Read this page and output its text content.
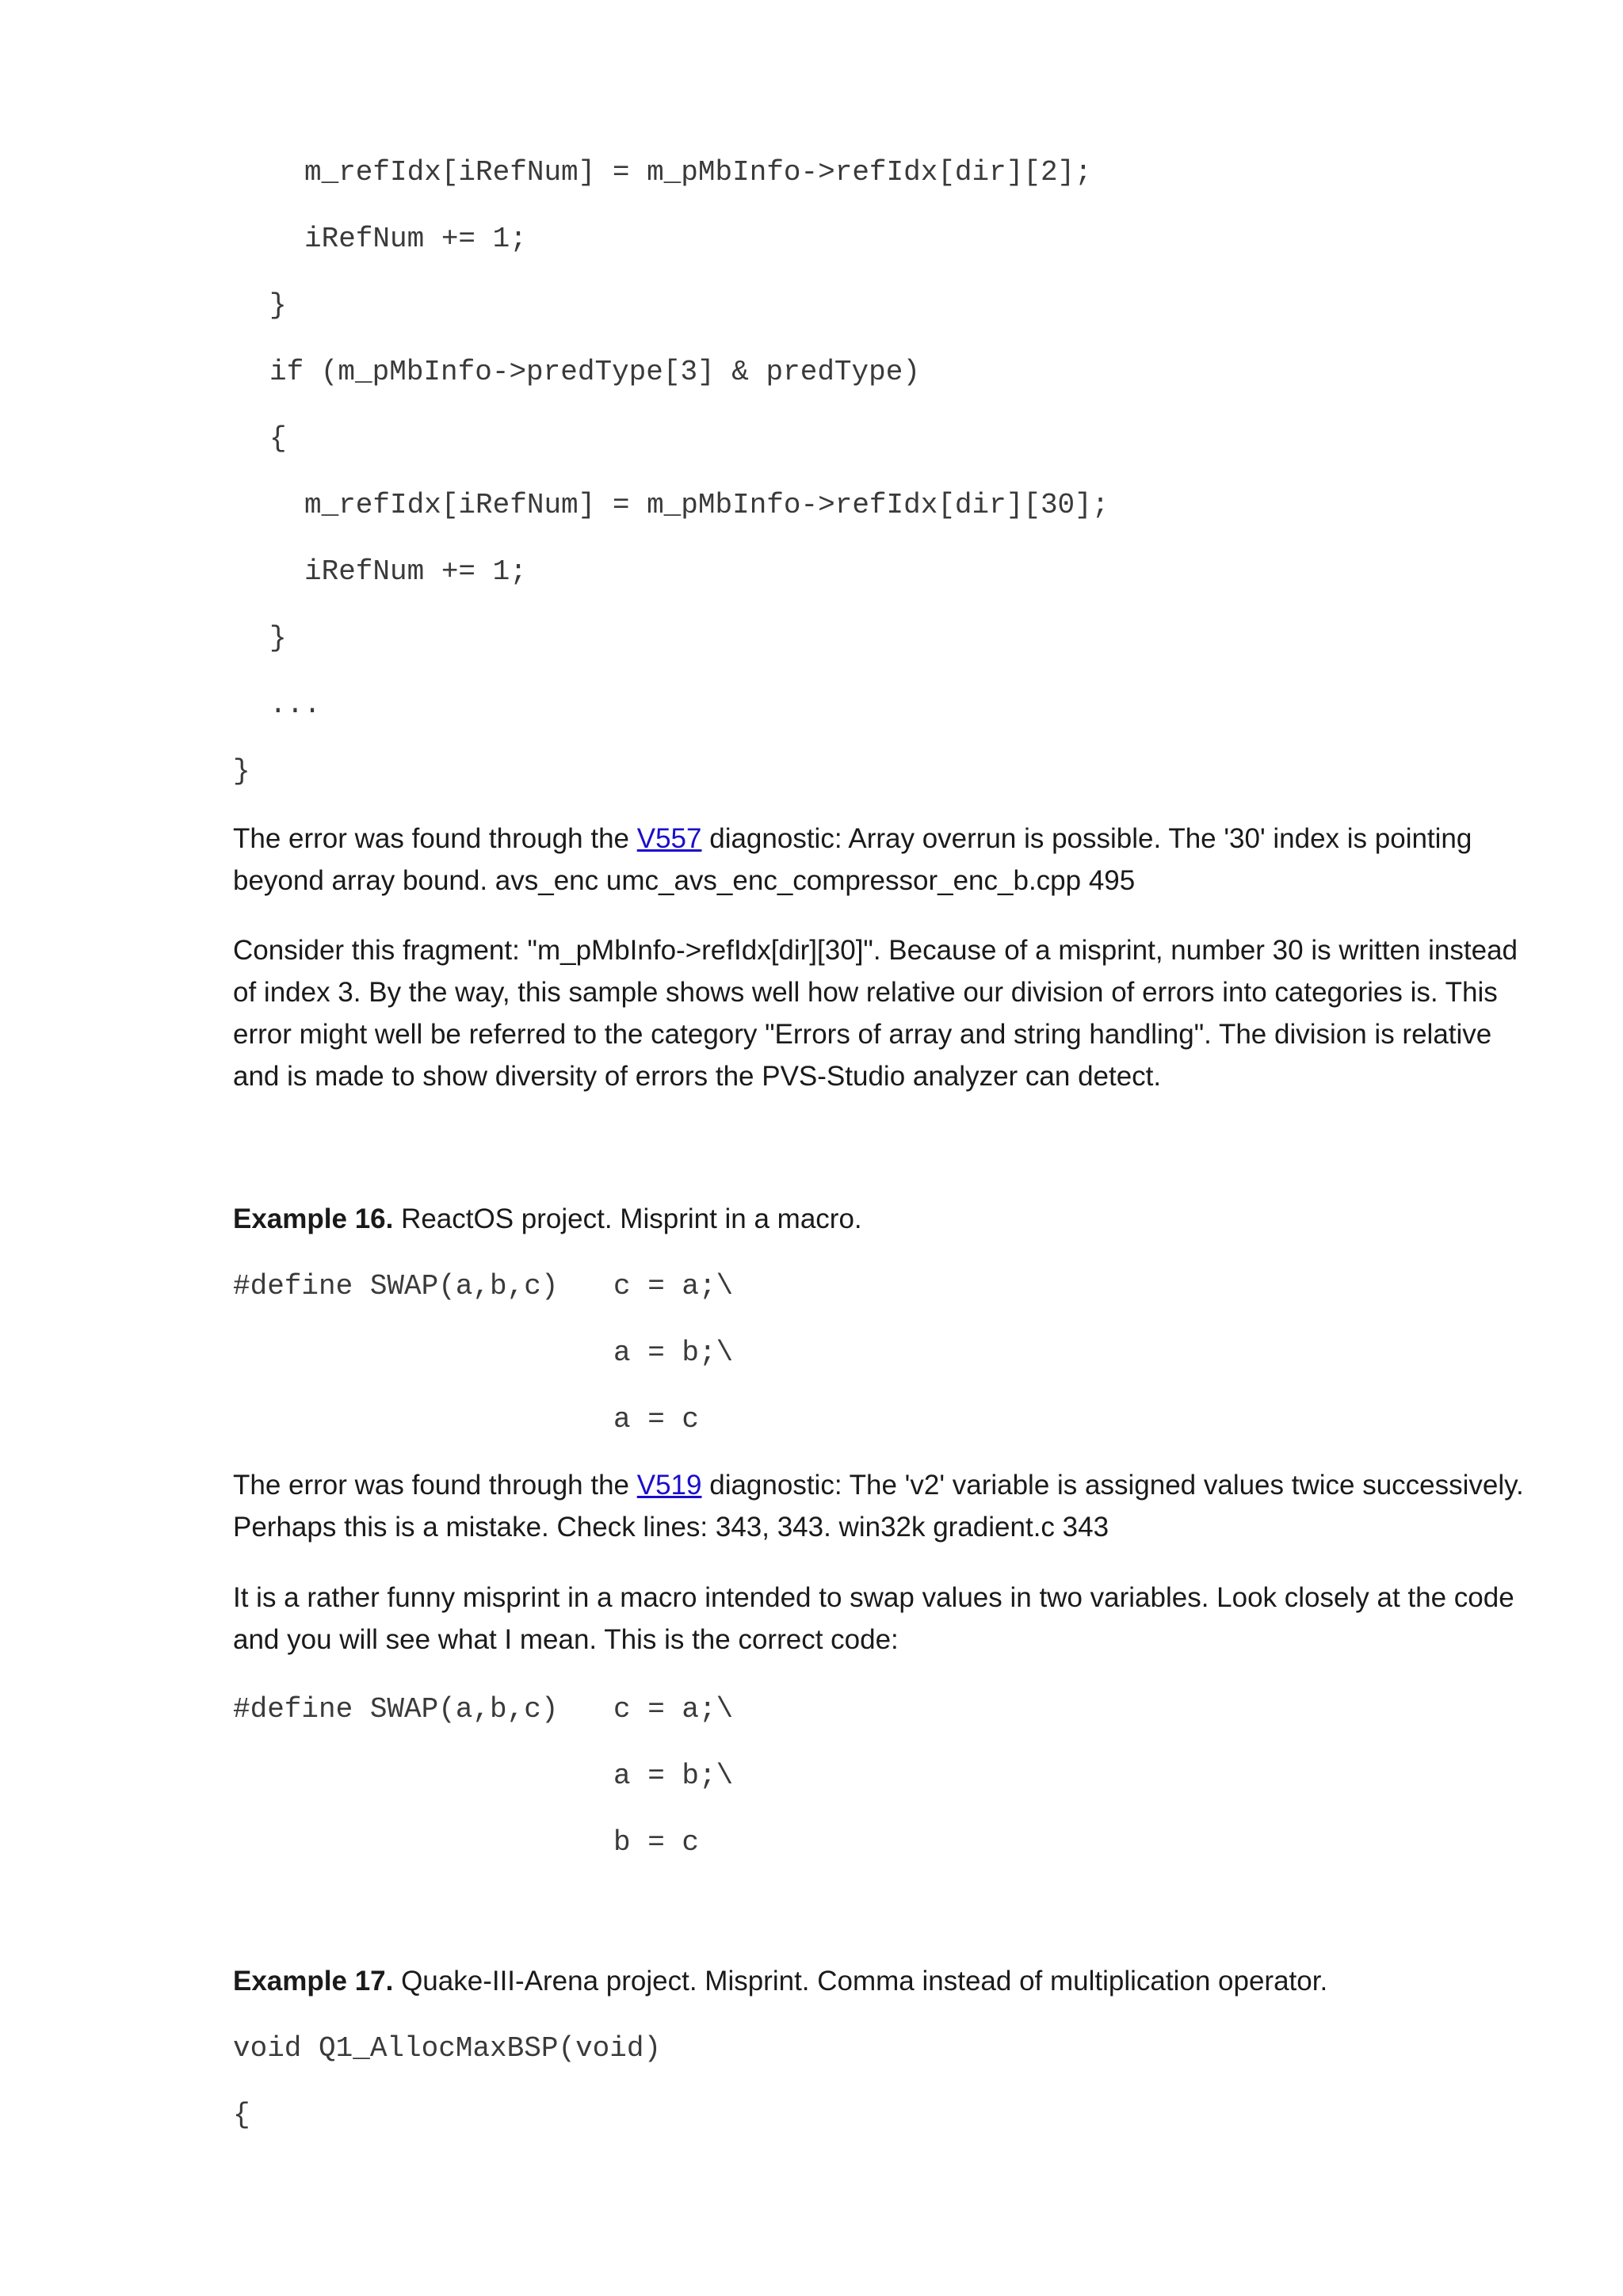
m_refIdx[iRefNum] = m_pMbInfo->refIdx[dir][2];
iRefNum += 1;
}
if (m_pMbInfo->predType[3] & predType)
{
m_refIdx[iRefNum] = m_pMbInfo->refIdx[dir][30];
iRefNum += 1;
}
...
}
The error was found through the V557 diagnostic: Array overrun is possible. The '30' index is pointing beyond array bound. avs_enc umc_avs_enc_compressor_enc_b.cpp 495
Consider this fragment: "m_pMbInfo->refIdx[dir][30]". Because of a misprint, number 30 is written instead of index 3. By the way, this sample shows well how relative our division of errors into categories is. This error might well be referred to the category "Errors of array and string handling". The division is relative and is made to show diversity of errors the PVS-Studio analyzer can detect.
Example 16. ReactOS project. Misprint in a macro.
#define SWAP(a,b,c) c = a;\
a = b;\
a = c
The error was found through the V519 diagnostic: The 'v2' variable is assigned values twice successively. Perhaps this is a mistake. Check lines: 343, 343. win32k gradient.c 343
It is a rather funny misprint in a macro intended to swap values in two variables. Look closely at the code and you will see what I mean. This is the correct code:
#define SWAP(a,b,c) c = a;\
a = b;\
b = c
Example 17. Quake-III-Arena project. Misprint. Comma instead of multiplication operator.
void Q1_AllocMaxBSP(void)
{
